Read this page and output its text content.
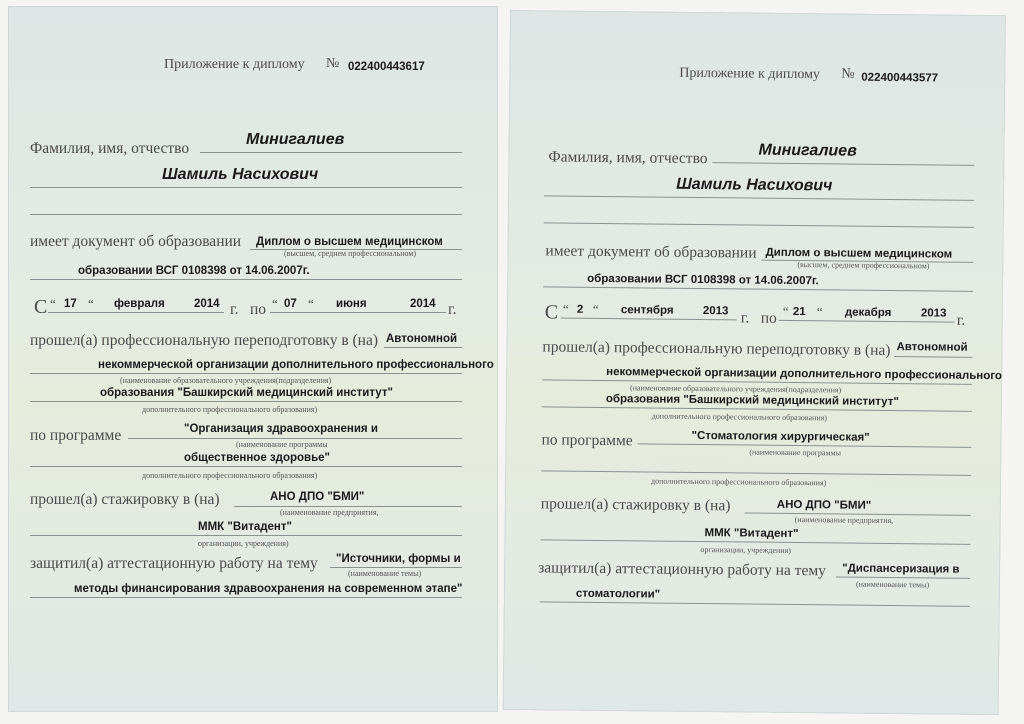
Приложение к диплому № 022400443617
Фамилия, имя, отчество
Минигалиев
Шамиль Насихович
имеет документ об образовании Диплом о высшем медицинском
(высшем, среднем профессиональном)
образовании ВСГ 0108398 от 14.06.2007г.
С “ 17 “ февраля	2014 г. по “ 07 “ июня	2014 г.
прошел(а) профессиональную переподготовку в (на) Автономной
некоммерческой организации дополнительного профессионального
(наименование образовательного учреждения(подразделения)
образования "Башкирский медицинский институт"
дополнительного профессионального образования)
по программе	"Организация здравоохранения и
(наименование программы
общественное здоровье"
дополнительного профессионального образования)
прошел(а) стажировку в (на)	АНО ДПО "БМИ"
(наименование предприятия,
ММК "Витадент"
организации, учреждения)
защитил(а) аттестационную работу на тему "Источники, формы и
(наименование темы)
методы финансирования здравоохранения на современном этапе"
Приложение к диплому № 022400443577
Фамилия, имя, отчество	Минигалиев
Шамиль Насихович
имеет документ об образовании Диплом о высшем медицинском
(высшем, среднем профессиональном)
образовании ВСГ 0108398 от 14.06.2007г.
С “ 2 “ сентября	2013 г. по “ 21 “ декабря	2013 г.
прошел(а) профессиональную переподготовку в (на) Автономной
некоммерческой организации дополнительного профессионального
(наименование образовательного учреждения(подразделения)
образования "Башкирский медицинский институт"
дополнительного профессионального образования)
по программе	"Стоматология хирургическая"
(наименование программы
дополнительного профессионального образования)
прошел(а) стажировку в (на)	АНО ДПО "БМИ"
(наименование предприятия,
ММК "Витадент"
организации, учреждения)
защитил(а) аттестационную работу на тему "Диспансеризация в
(наименование темы)
стоматологии"
